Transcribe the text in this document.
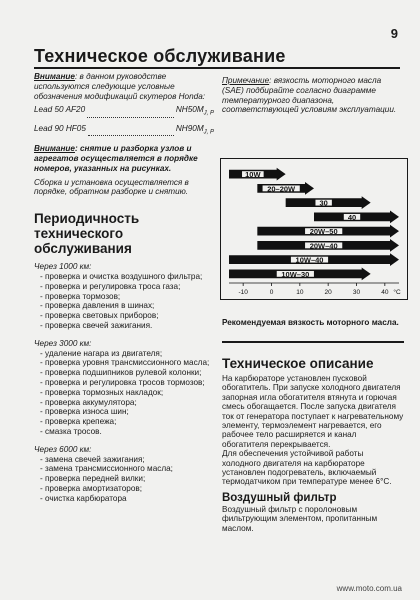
9
Техническое обслуживание

Внимание: в данном руководстве используются следующие условные обозначения модификаций скутеров Honda:

Lead 50 AF20	$NH50M_{J, P}$
Lead 90 HF05	$NH90M_{J, P}$

Внимание: снятие и разборка узлов и агрегатов осуществляется в порядке номеров, указанных на рисунках.

Сборка и установка осуществляется в порядке, обратном разборке и снятию.

Периодичность технического обслуживания
Через 1000 км:
- проверка и очистка воздушного фильтра;
- проверка и регулировка троса газа;
- проверка тормозов;
- проверка давления в шинах;
- проверка световых приборов;
- проверка свечей зажигания.
Через 3000 км:
- удаление нагара из двигателя;
- проверка уровня трансмиссионного масла;
- проверка подшипников рулевой колонки;
- проверка и регулировка тросов тормозов;
- проверка тормозных накладок;
- проверка аккумулятора;
- проверка износа шин;
- проверка крепежа;
- смазка тросов.
Через 6000 км:
- замена свечей зажигания;
- замена трансмиссионного масла;
- проверка передней вилки;
- проверка амортизаторов;
- очистка карбюратора

Примечание: вязкость моторного масла (SAE) подбирайте согласно диаграмме температурного диапазона, соответствующей условиям эксплуатации.

10W
20–20W
30
40
20W–50
20W–40
10W–40
10W–30
-10	0	10	20	30	40 °C
Рекомендуемая вязкость моторного масла.
Техническое описание

На карбюраторе установлен пусковой обогатитель. При запуске холодного двигателя запорная игла обогатителя втянута и горючая смесь обогащается. После запуска двигателя ток от генератора поступает к нагревательному элементу, термоэлемент нагревается, его рабочее тело расширяется и канал обогатителя перекрывается.

Для обеспечения устойчивой работы холодного двигателя на карбюраторе установлен подогреватель, включаемый термодатчиком при температуре менее 6°С.

Воздушный фильтр

Воздушный фильтр с поролоновым фильтрующим элементом, пропитанным маслом.

www.moto.com.ua
